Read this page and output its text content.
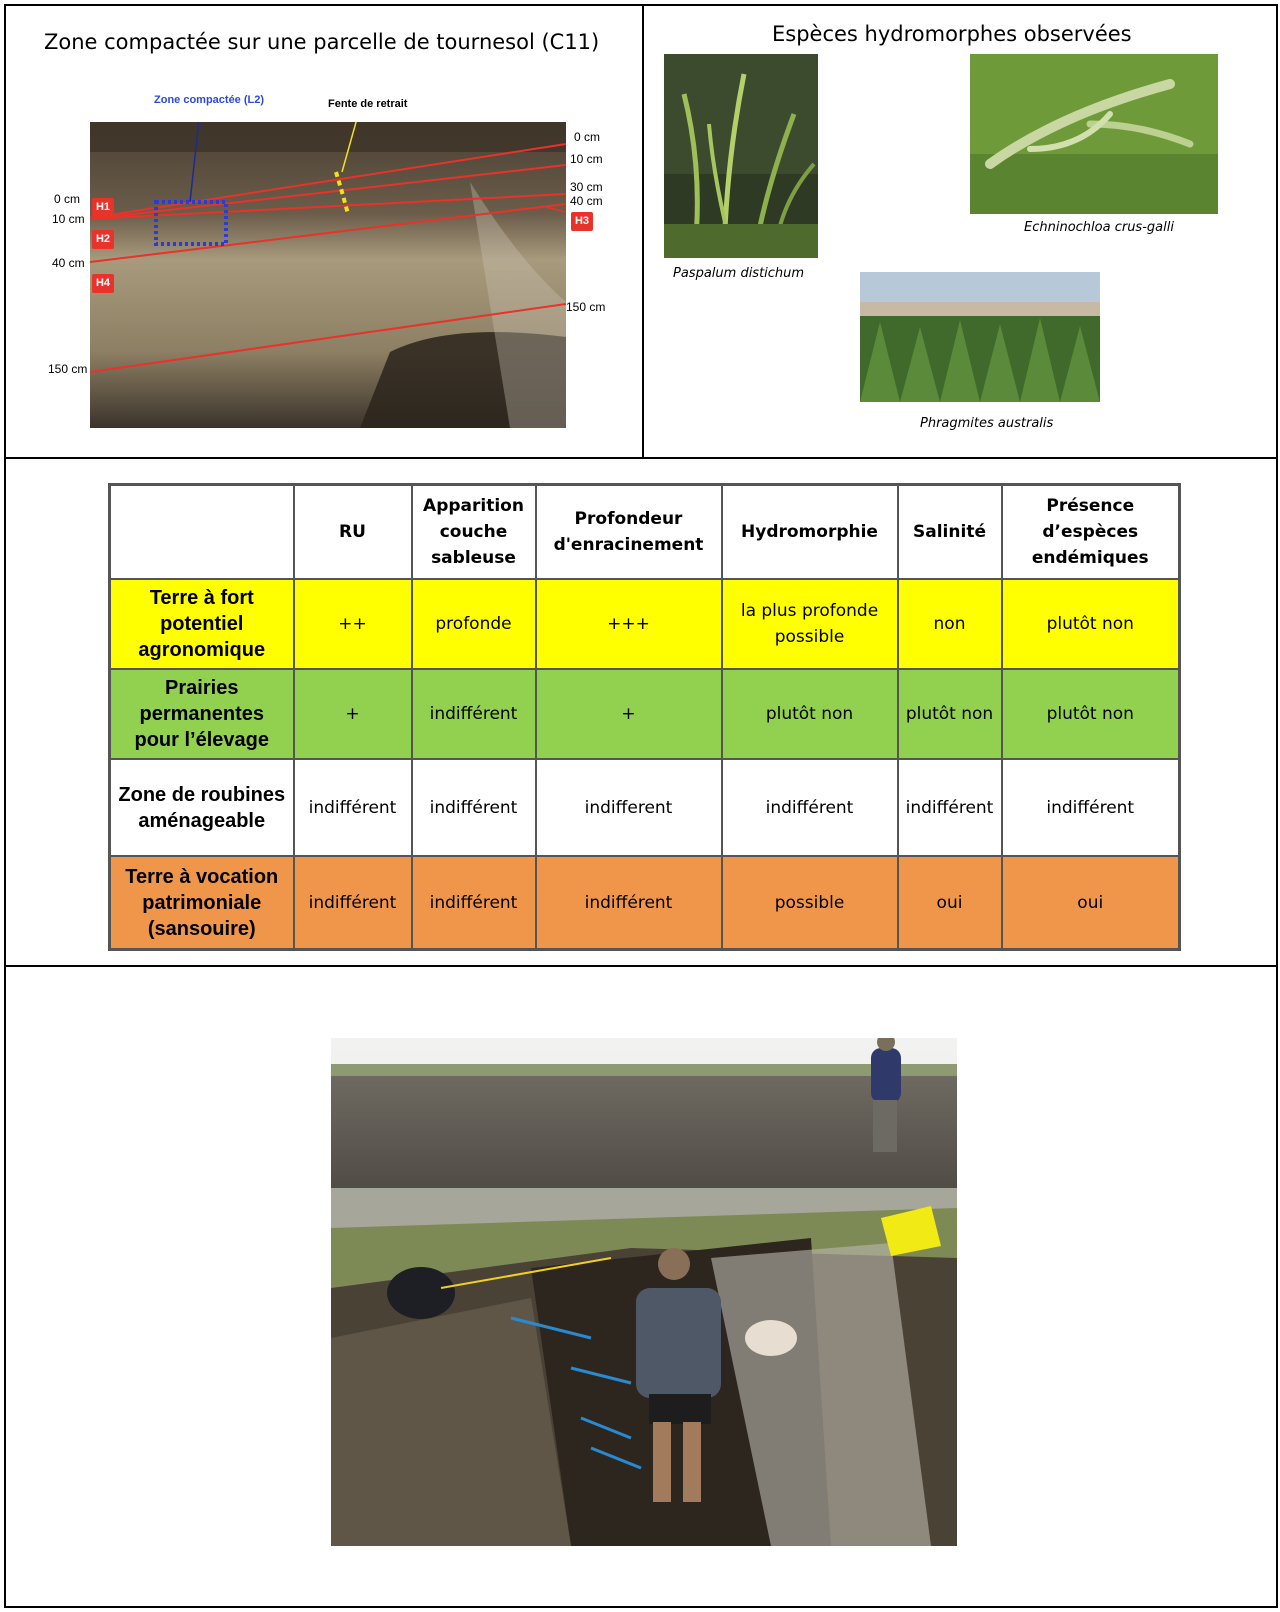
Zone compactée sur une parcelle de tournesol (C11)
Zone compactée (L2)	Fente de retrait
0 cm
10 cm
40 cm
150 cm
0 cm
10 cm
30 cm
40 cm
150 cm
H1
H2
H3
H4
Espèces hydromorphes observées
Paspalum distichum
Echninochloa crus-galli
Phragmites australis
	RU	Apparition couche sableuse	Profondeur d'enracinement	Hydromorphie	Salinité	Présence d’espèces endémiques
Terre à fort potentiel agronomique	++	profonde	+++	la plus profonde possible	non	plutôt non
Prairies permanentes pour l’élevage	+	indifférent	+	plutôt non	plutôt non	plutôt non
Zone de roubines aménageable	indifférent	indifférent	indifferent	indifférent	indifférent	indifférent
Terre à vocation patrimoniale (sansouire)	indifférent	indifférent	indifférent	possible	oui	oui
